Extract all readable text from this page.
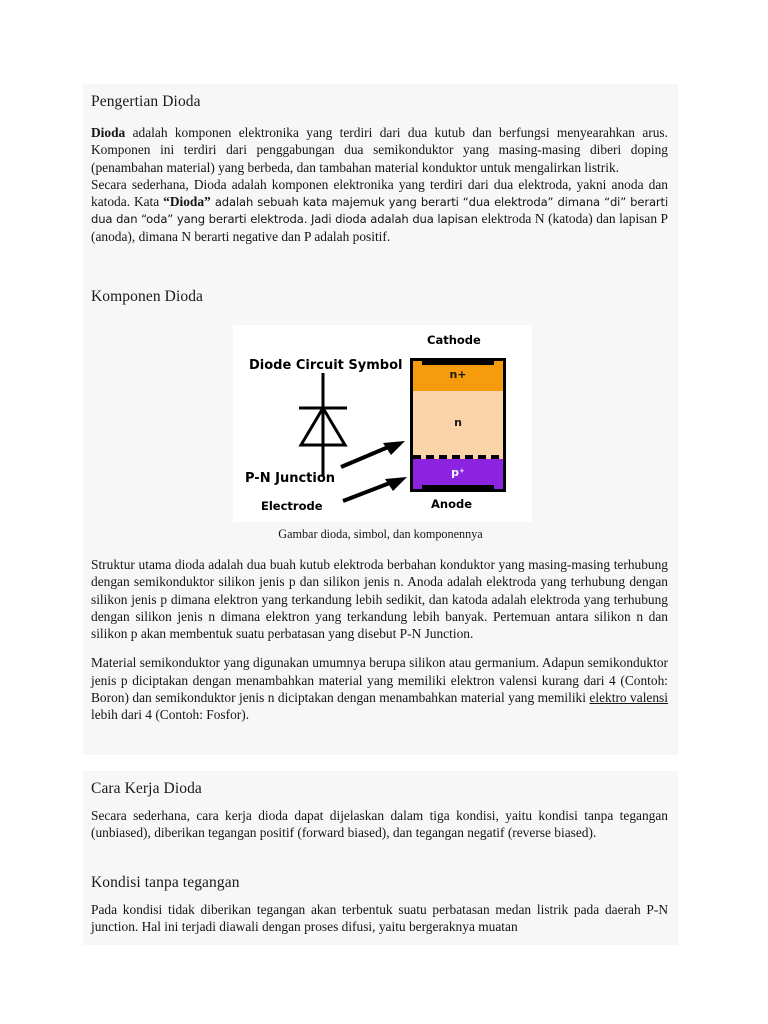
Pengertian Dioda

Dioda adalah komponen elektronika yang terdiri dari dua kutub dan berfungsi menyearahkan arus. Komponen ini terdiri dari penggabungan dua semikonduktor yang masing-masing diberi doping (penambahan material) yang berbeda, dan tambahan material konduktor untuk mengalirkan listrik.

Secara sederhana, Dioda adalah komponen elektronika yang terdiri dari dua elektroda, yakni anoda dan katoda. Kata “Dioda” adalah sebuah kata majemuk yang berarti “dua elektroda” dimana “di” berarti dua dan “oda” yang berarti elektroda. Jadi dioda adalah dua lapisan elektroda N (katoda) dan lapisan P (anoda), dimana N berarti negative dan P adalah positif.

Komponen Dioda
Diode Circuit Symbol
P-N Junction
Electrode
Cathode
Anode
n+
n
p⁺
Gambar dioda, simbol, dan komponennya

Struktur utama dioda adalah dua buah kutub elektroda berbahan konduktor yang masing-masing terhubung dengan semikonduktor silikon jenis p dan silikon jenis n. Anoda adalah elektroda yang terhubung dengan silikon jenis p dimana elektron yang terkandung lebih sedikit, dan katoda adalah elektroda yang terhubung dengan silikon jenis n dimana elektron yang terkandung lebih banyak. Pertemuan antara silikon n dan silikon p akan membentuk suatu perbatasan yang disebut P-N Junction.

Material semikonduktor yang digunakan umumnya berupa silikon atau germanium. Adapun semikonduktor jenis p diciptakan dengan menambahkan material yang memiliki elektron valensi kurang dari 4 (Contoh: Boron) dan semikonduktor jenis n diciptakan dengan menambahkan material yang memiliki elektro valensi lebih dari 4 (Contoh: Fosfor).

Cara Kerja Dioda

Secara sederhana, cara kerja dioda dapat dijelaskan dalam tiga kondisi, yaitu kondisi tanpa tegangan (unbiased), diberikan tegangan positif (forward biased), dan tegangan negatif (reverse biased).

Kondisi tanpa tegangan

Pada kondisi tidak diberikan tegangan akan terbentuk suatu perbatasan medan listrik pada daerah P-N junction. Hal ini terjadi diawali dengan proses difusi, yaitu bergeraknya muatan
